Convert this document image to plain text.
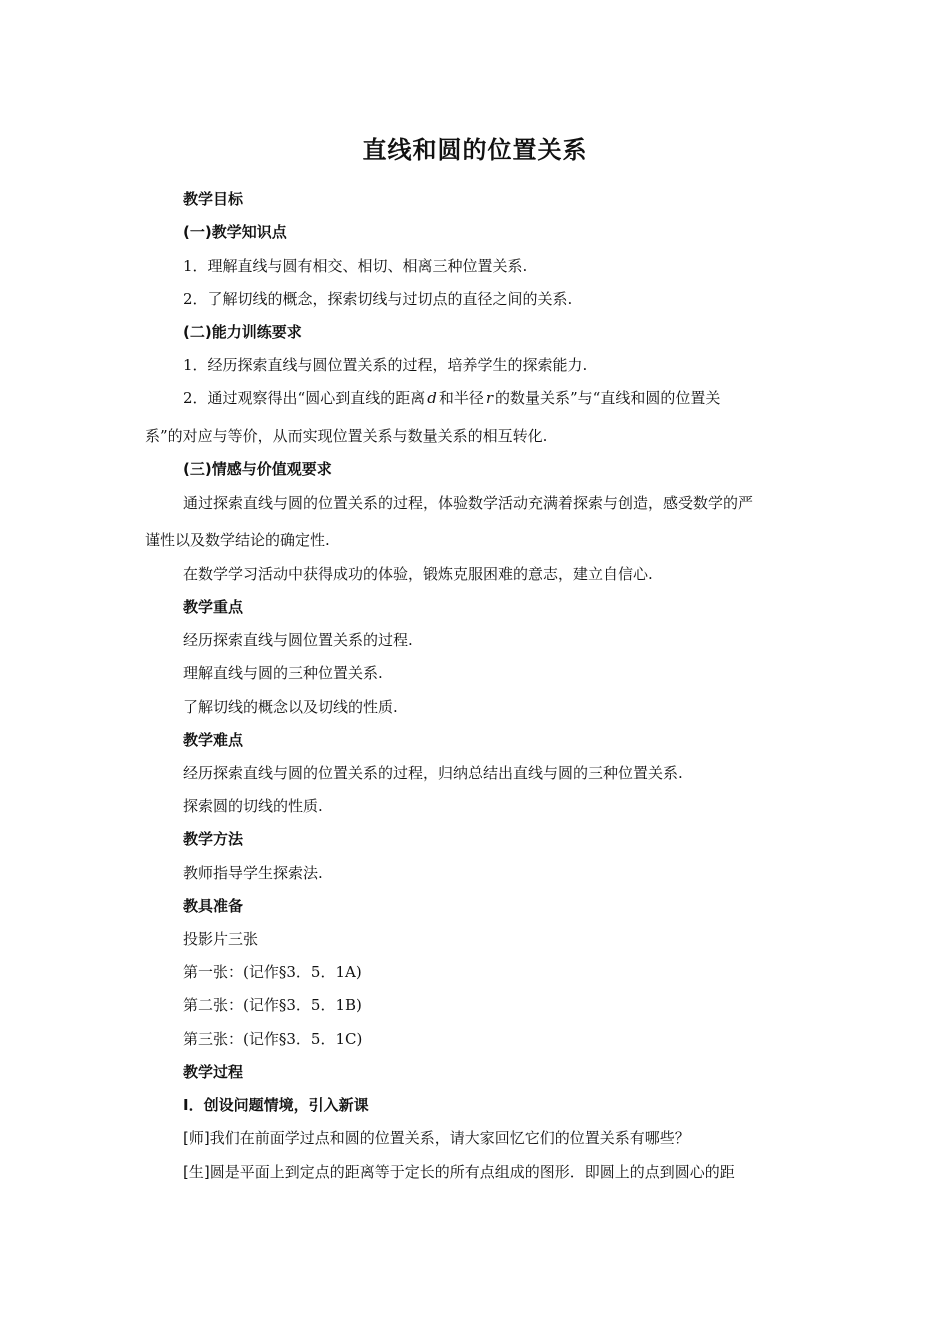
直线和圆的位置关系
教学目标
(一)教学知识点
1．理解直线与圆有相交、相切、相离三种位置关系.
2．了解切线的概念，探索切线与过切点的直径之间的关系.
(二)能力训练要求
1．经历探索直线与圆位置关系的过程，培养学生的探索能力.
2．通过观察得出“圆心到直线的距离 d 和半径 r 的数量关系”与“直线和圆的位置关
系”的对应与等价，从而实现位置关系与数量关系的相互转化.
(三)情感与价值观要求
通过探索直线与圆的位置关系的过程，体验数学活动充满着探索与创造，感受数学的严
谨性以及数学结论的确定性.
在数学学习活动中获得成功的体验，锻炼克服困难的意志，建立自信心.
教学重点
经历探索直线与圆位置关系的过程.
理解直线与圆的三种位置关系.
了解切线的概念以及切线的性质.
教学难点
经历探索直线与圆的位置关系的过程，归纳总结出直线与圆的三种位置关系.
探索圆的切线的性质.
教学方法
教师指导学生探索法.
教具准备
投影片三张
第一张：(记作§3．5．1A)
第二张：(记作§3．5．1B)
第三张：(记作§3．5．1C)
教学过程
Ⅰ．创设问题情境，引入新课
[师]我们在前面学过点和圆的位置关系，请大家回忆它们的位置关系有哪些？
[生]圆是平面上到定点的距离等于定长的所有点组成的图形．即圆上的点到圆心的距
